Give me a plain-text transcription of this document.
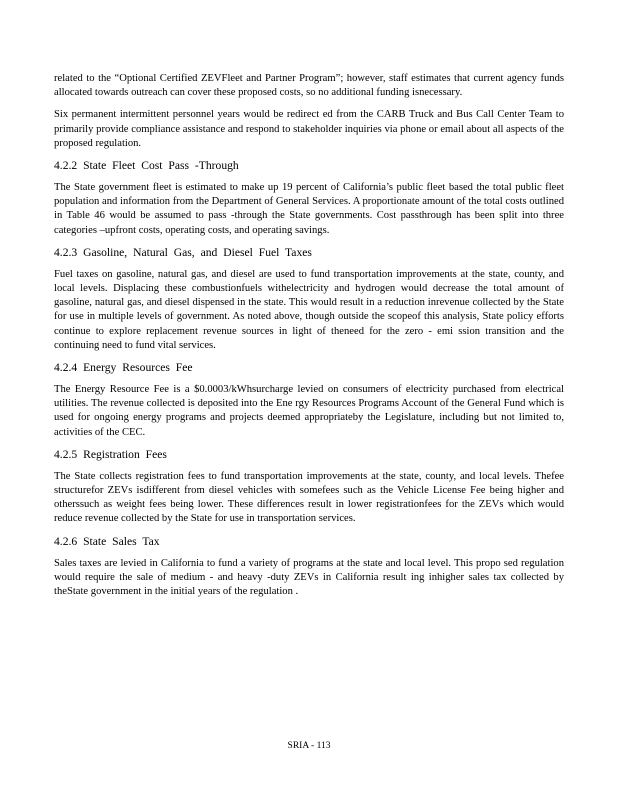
related to the “Optional Certified ZEVFleet and Partner Program”; however, staff estimates that current agency funds allocated towards outreach can cover these proposed costs, so no additional funding isnecessary.

Six permanent intermittent personnel years would be redirect ed from the CARB Truck and Bus Call Center Team to primarily provide compliance assistance and respond to stakeholder inquiries via phone or email about all aspects of the proposed regulation.

4.2.2 State Fleet Cost Pass -Through

The State government fleet is estimated to make up 19 percent of California’s public fleet based the total public fleet population and information from the Department of General Services. A proportionate amount of the total costs outlined in Table 46 would be assumed to pass -through the State governments. Cost passthrough has been split into three categories –upfront costs, operating costs, and operating savings.

4.2.3 Gasoline, Natural Gas, and Diesel Fuel Taxes

Fuel taxes on gasoline, natural gas, and diesel are used to fund transportation improvements at the state, county, and local levels. Displacing these combustionfuels withelectricity and hydrogen would decrease the total amount of gasoline, natural gas, and diesel dispensed in the state. This would result in a reduction inrevenue collected by the State for use in multiple levels of government. As noted above, though outside the scopeof this analysis, State policy efforts continue to explore replacement revenue sources in light of theneed for the zero - emi ssion transition and the continuing need to fund vital services.

4.2.4 Energy Resources Fee

The Energy Resource Fee is a $0.0003/kWhsurcharge levied on consumers of electricity purchased from electrical utilities. The revenue collected is deposited into the Ene rgy Resources Programs Account of the General Fund which is used for ongoing energy programs and projects deemed appropriateby the Legislature, including but not limited to, activities of the CEC.

4.2.5 Registration Fees

The State collects registration fees to fund transportation improvements at the state, county, and local levels. Thefee structurefor ZEVs isdifferent from diesel vehicles with somefees such as the Vehicle License Fee being higher and otherssuch as weight fees being lower. These differences result in lower registrationfees for the ZEVs which would reduce revenue collected by the State for use in transportation services.

4.2.6 State Sales Tax

Sales taxes are levied in California to fund a variety of programs at the state and local level. This propo sed regulation would require the sale of medium - and heavy -duty ZEVs in California result ing inhigher sales tax collected by theState government in the initial years of the regulation .

SRIA - 113
